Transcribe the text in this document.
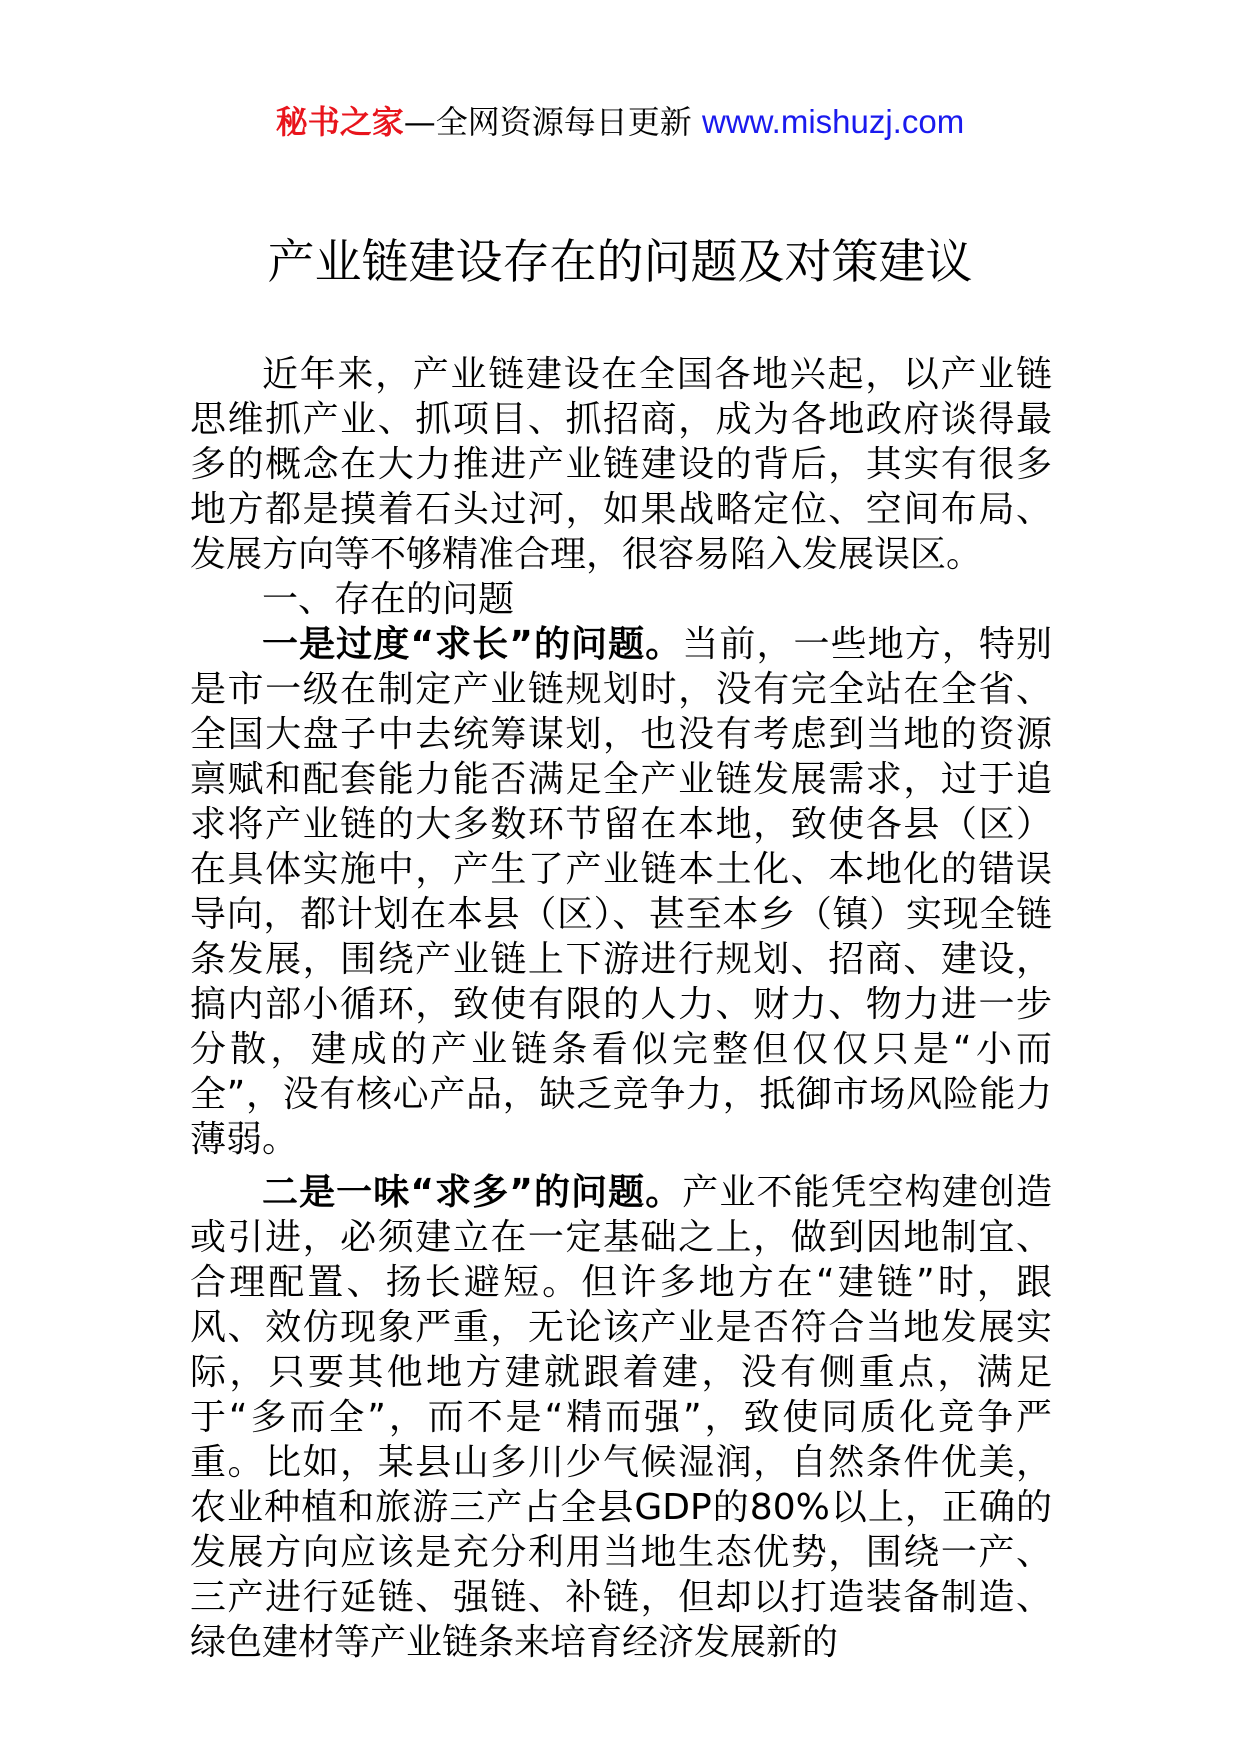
秘书之家—全网资源每日更新 www.mishuzj.com
产业链建设存在的问题及对策建议

近年来，产业链建设在全国各地兴起，以产业链思维抓产业、抓项目、抓招商，成为各地政府谈得最多的概念在大力推进产业链建设的背后，其实有很多地方都是摸着石头过河，如果战略定位、空间布局、发展方向等不够精准合理，很容易陷入发展误区。

一、存在的问题

一是过度“求长”的问题。当前，一些地方，特别是市一级在制定产业链规划时，没有完全站在全省、全国大盘子中去统筹谋划，也没有考虑到当地的资源禀赋和配套能力能否满足全产业链发展需求，过于追求将产业链的大多数环节留在本地，致使各县（区）在具体实施中，产生了产业链本土化、本地化的错误导向，都计划在本县（区）、甚至本乡（镇）实现全链条发展，围绕产业链上下游进行规划、招商、建设，搞内部小循环，致使有限的人力、财力、物力进一步分散，建成的产业链条看似完整但仅仅只是“小而全”，没有核心产品，缺乏竞争力，抵御市场风险能力薄弱。

二是一味“求多”的问题。产业不能凭空构建创造或引进，必须建立在一定基础之上，做到因地制宜、合理配置、扬长避短。但许多地方在“建链”时，跟风、效仿现象严重，无论该产业是否符合当地发展实际，只要其他地方建就跟着建，没有侧重点，满足于“多而全”，而不是“精而强”，致使同质化竞争严重。比如，某县山多川少气候湿润，自然条件优美，农业种植和旅游三产占全县GDP的80%以上，正确的发展方向应该是充分利用当地生态优势，围绕一产、三产进行延链、强链、补链，但却以打造装备制造、绿色建材等产业链条来培育经济发展新的
